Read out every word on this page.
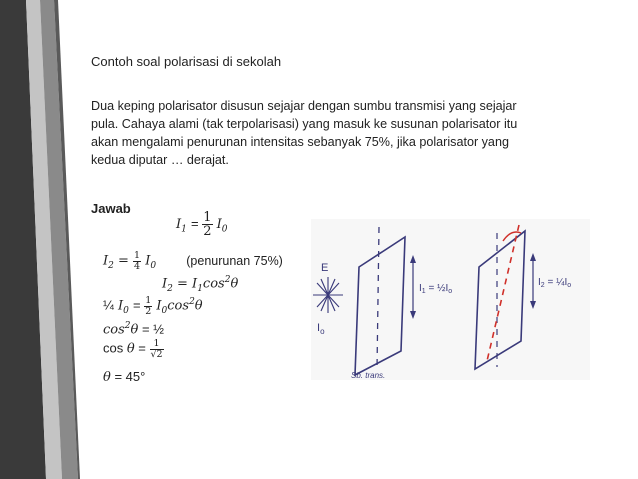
Contoh soal polarisasi di sekolah
Dua keping polarisator disusun sejajar dengan sumbu transmisi yang sejajar
pula. Cahaya alami (tak terpolarisasi) yang masuk ke susunan polarisator itu
akan mengalami penurunan intensitas sebanyak 75%, jika polarisator yang
kedua diputar … derajat.
Jawab
$I_1 = \frac{1}{2} I_0$
$I_2 = \frac{1}{4} I_0$ (penurunan 75%)
$I_2 = I_1\cos^2\theta$
¼ $I_0 = \frac{1}{2} I_0\cos^2\theta$
$\cos^2\theta$ = ½
$\cos \theta = \frac{1}{√2}$
θ = 45°
E
$I_o$
Sb. trans.
$I_1$ = $\frac{1}{2}I_o$
$I_2$ = $\frac{1}{4}I_o$
